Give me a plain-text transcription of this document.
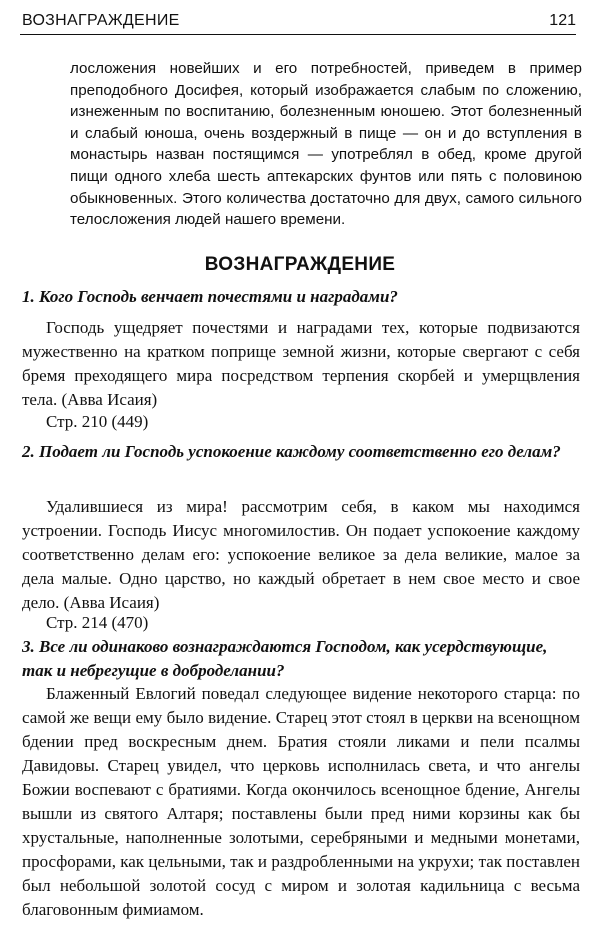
ВОЗНАГРАЖДЕНИЕ	121

лосложения новейших и его потребностей, приведем в пример преподобного Досифея, который изображается слабым по сложению, изнеженным по воспитанию, болезненным юношею. Этот болезненный и слабый юноша, очень воздержный в пище — он и до вступления в монастырь назван постящимся — употреблял в обед, кроме другой пищи одного хлеба шесть аптекарских фунтов или пять с половиною обыкновенных. Этого количества достаточно для двух, самого сильного телосложения людей нашего времени.

ВОЗНАГРАЖДЕНИЕ

1. Кого Господь венчает почестями и наградами?

Господь ущедряет почестями и наградами тех, которые подвизаются мужественно на кратком поприще земной жизни, которые свергают с себя бремя преходящего мира посредством терпения скорбей и умерщвления тела. (Авва Исаия)

Стр. 210 (449)

2. Подает ли Господь успокоение каждому соответственно его делам?

Удалившиеся из мира! рассмотрим себя, в каком мы находимся устроении. Господь Иисус многомилостив. Он подает успокоение каждому соответственно делам его: успокоение великое за дела великие, малое за дела малые. Одно царство, но каждый обретает в нем свое место и свое дело. (Авва Исаия)

Стр. 214 (470)

3. Все ли одинаково вознаграждаются Господом, как усердствующие, так и небрегущие в доброделании?

Блаженный Евлогий поведал следующее видение некоторого старца: по самой же вещи ему было видение. Старец этот стоял в церкви на всенощном бдении пред воскресным днем. Братия стояли ликами и пели псалмы Давидовы. Старец увидел, что церковь исполнилась света, и что ангелы Божии воспевают с братиями. Когда окончилось всенощное бдение, Ангелы вышли из святого Алтаря; поставлены были пред ними корзины как бы хрустальные, наполненные золотыми, серебряными и медными монетами, просфорами, как цельными, так и раздробленными на укрухи; так поставлен был небольшой золотой сосуд с миром и золотая кадильница с весьма благовонным фимиамом.
